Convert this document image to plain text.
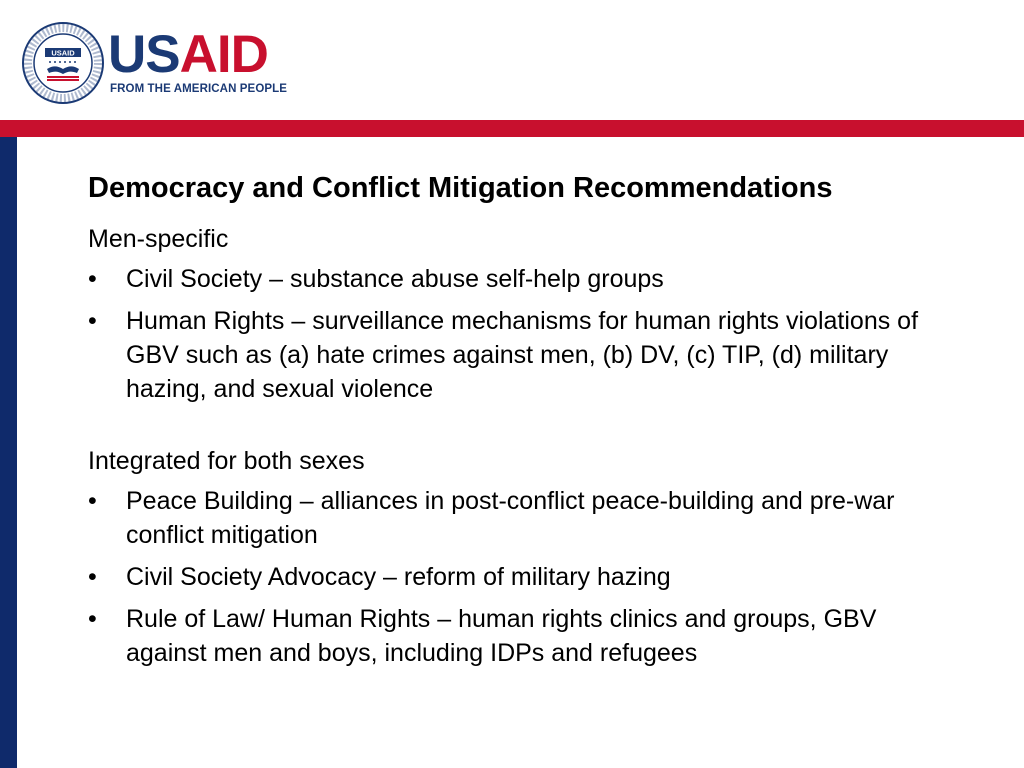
USAID USAID
FROM THE AMERICAN PEOPLE
Democracy and Conflict Mitigation Recommendations
Men-specific
• Civil Society – substance abuse self-help groups
• Human Rights – surveillance mechanisms for human rights violations of GBV such as (a) hate crimes against men, (b) DV, (c) TIP, (d) military hazing, and sexual violence
Integrated for both sexes
• Peace Building – alliances in post-conflict peace-building and pre-war conflict mitigation
• Civil Society Advocacy – reform of military hazing
• Rule of Law/ Human Rights – human rights clinics and groups, GBV against men and boys, including IDPs and refugees
